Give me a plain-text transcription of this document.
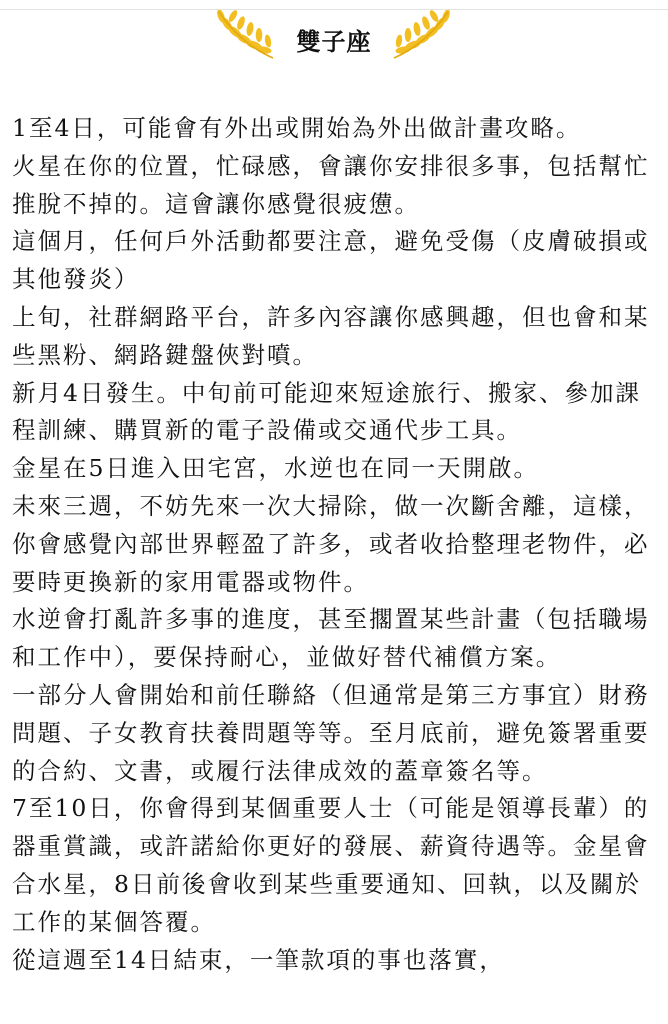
雙子座

1至4日，可能會有外出或開始為外出做計畫攻略。

火星在你的位置，忙碌感，會讓你安排很多事，包括幫忙推脫不掉的。這會讓你感覺很疲憊。

這個月，任何戶外活動都要注意，避免受傷（皮膚破損或其他發炎）

上旬，社群網路平台，許多內容讓你感興趣，但也會和某些黑粉、網路鍵盤俠對噴。

新月4日發生。中旬前可能迎來短途旅行、搬家、參加課程訓練、購買新的電子設備或交通代步工具。

金星在5日進入田宅宮，水逆也在同一天開啟。

未來三週，不妨先來一次大掃除，做一次斷舍離，這樣，你會感覺內部世界輕盈了許多，或者收拾整理老物件，必要時更換新的家用電器或物件。

水逆會打亂許多事的進度，甚至擱置某些計畫（包括職場和工作中），要保持耐心，並做好替代補償方案。

一部分人會開始和前任聯絡（但通常是第三方事宜）財務問題、子女教育扶養問題等等。至月底前，避免簽署重要的合約、文書，或履行法律成效的蓋章簽名等。

7至10日，你會得到某個重要人士（可能是領導長輩）的器重賞識，或許諾給你更好的發展、薪資待遇等。金星會合水星，8日前後會收到某些重要通知、回執，以及關於工作的某個答覆。

從這週至14日結束，一筆款項的事也落實，
